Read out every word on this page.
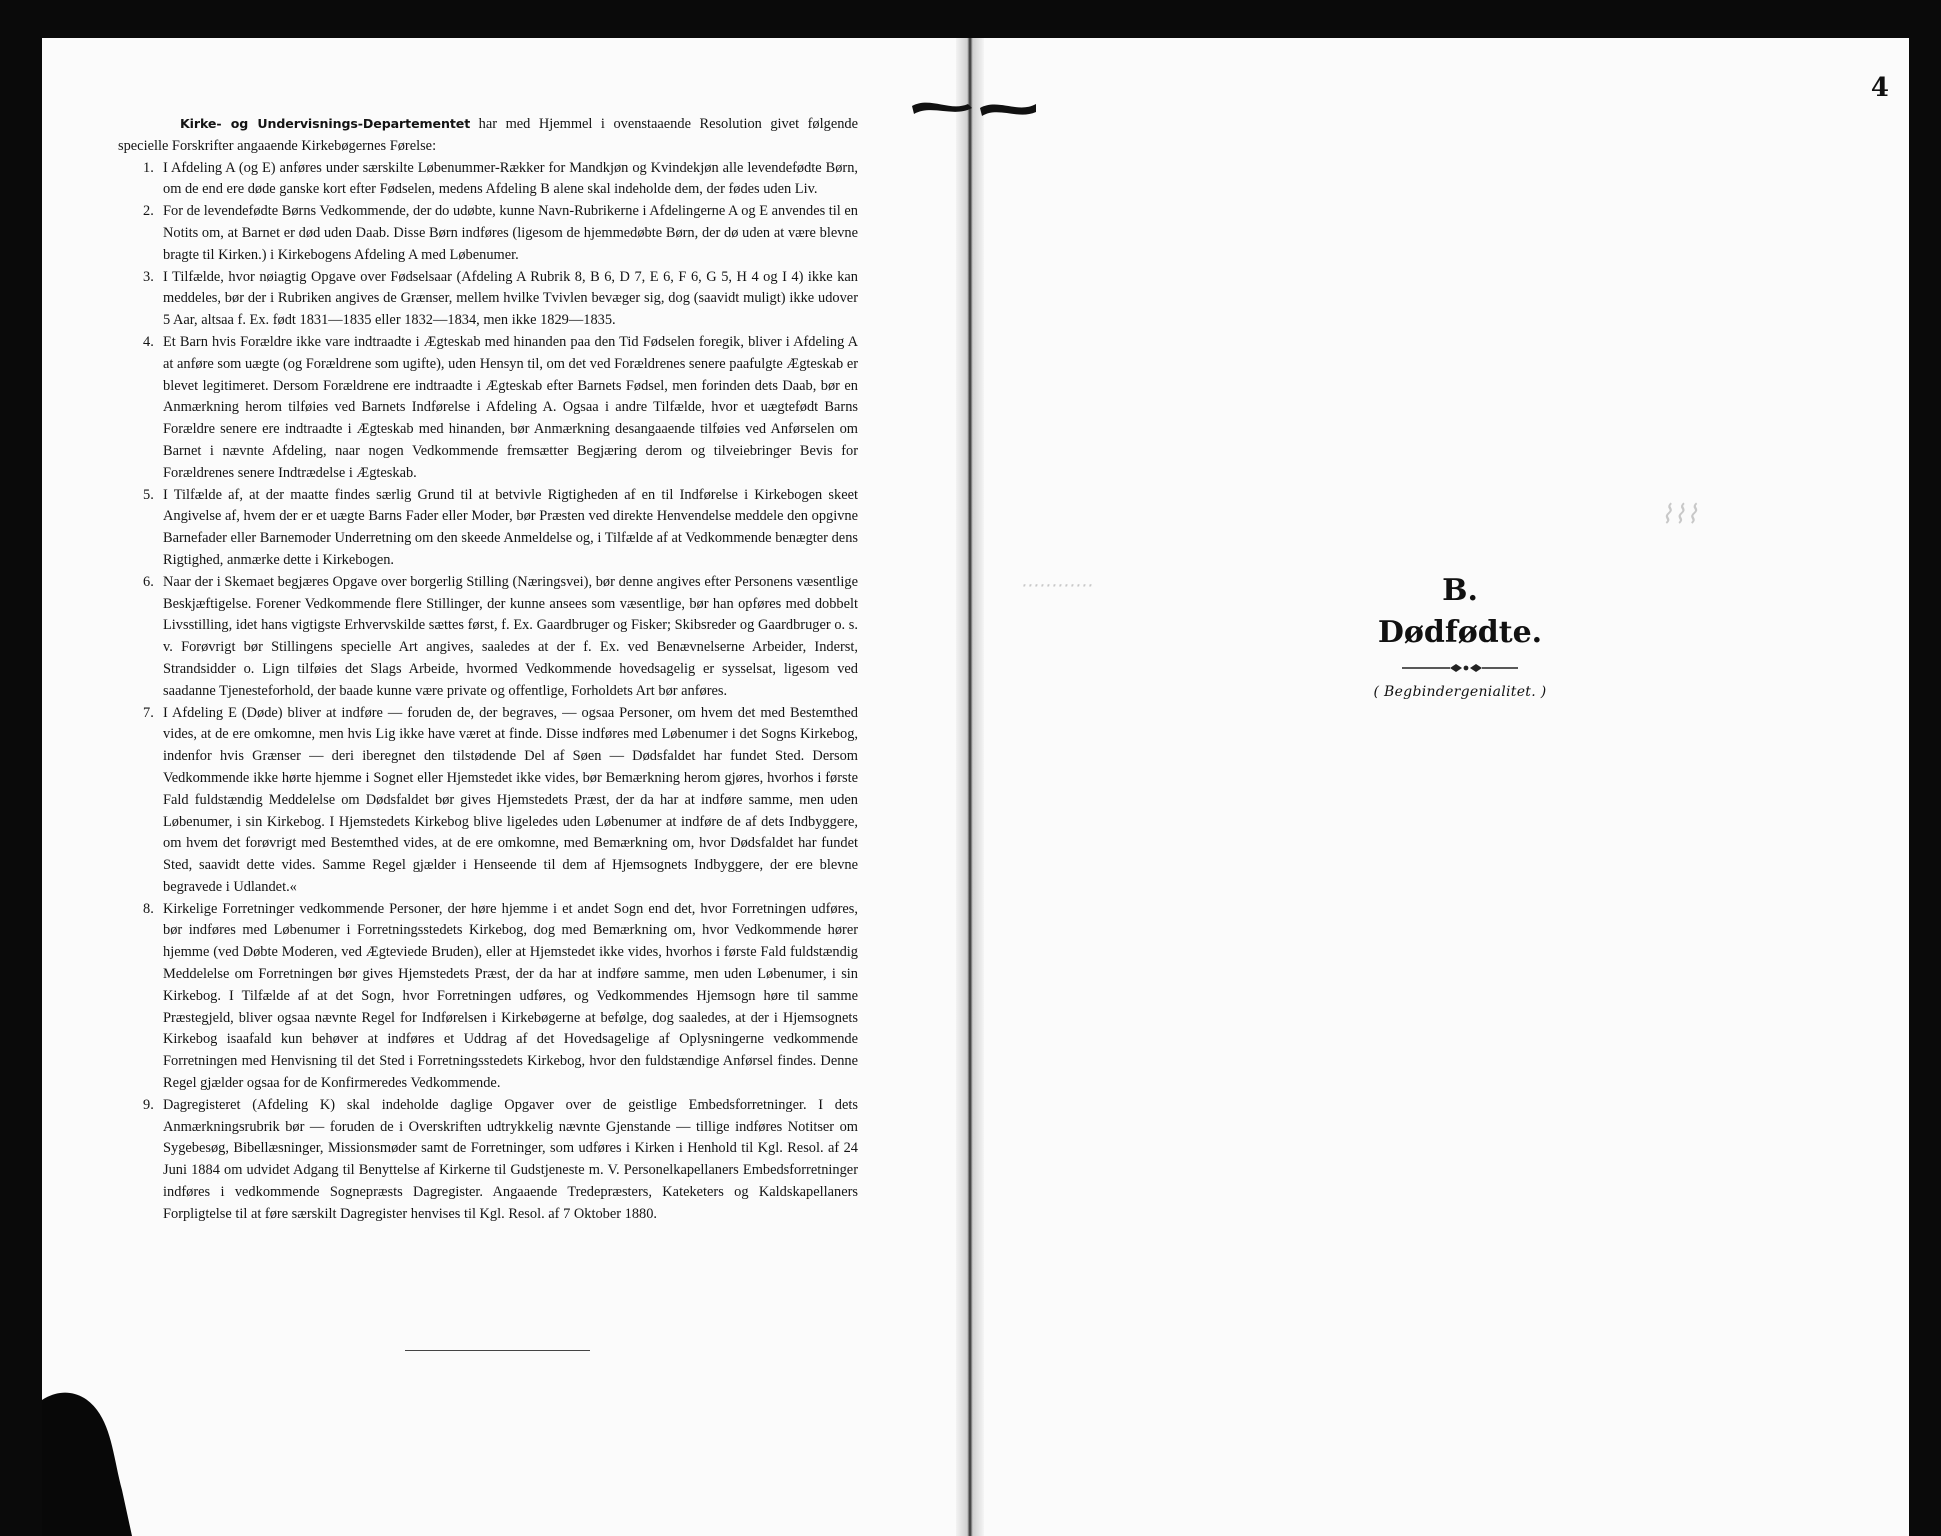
4

Kirke- og Undervisnings-Departementet har med Hjemmel i ovenstaaende Resolution givet følgende specielle Forskrifter angaaende Kirkebøgernes Førelse:

1. I Afdeling A (og E) anføres under særskilte Løbenummer-Rækker for Mandkjøn og Kvindekjøn alle levendefødte Børn, om de end ere døde ganske kort efter Fødselen, medens Afdeling B alene skal indeholde dem, der fødes uden Liv.
2. For de levendefødte Børns Vedkommende, der do udøbte, kunne Navn-Rubrikerne i Afdelingerne A og E anvendes til en Notits om, at Barnet er død uden Daab. Disse Børn indføres (ligesom de hjemmedøbte Børn, der dø uden at være blevne bragte til Kirken.) i Kirkebogens Afdeling A med Løbenumer.
3. I Tilfælde, hvor nøiagtig Opgave over Fødselsaar (Afdeling A Rubrik 8, B 6, D 7, E 6, F 6, G 5, H 4 og I 4) ikke kan meddeles, bør der i Rubriken angives de Grænser, mellem hvilke Tvivlen bevæger sig, dog (saavidt muligt) ikke udover 5 Aar, altsaa f. Ex. født 1831—1835 eller 1832—1834, men ikke 1829—1835.
4. Et Barn hvis Forældre ikke vare indtraadte i Ægteskab med hinanden paa den Tid Fødselen foregik, bliver i Afdeling A at anføre som uægte (og Forældrene som ugifte), uden Hensyn til, om det ved Forældrenes senere paafulgte Ægteskab er blevet legitimeret. Dersom Forældrene ere indtraadte i Ægteskab efter Barnets Fødsel, men forinden dets Daab, bør en Anmærkning herom tilføies ved Barnets Indførelse i Afdeling A. Ogsaa i andre Tilfælde, hvor et uægtefødt Barns Forældre senere ere indtraadte i Ægteskab med hinanden, bør Anmærkning desangaaende tilføies ved Anførselen om Barnet i nævnte Afdeling, naar nogen Vedkommende fremsætter Begjæring derom og tilveiebringer Bevis for Forældrenes senere Indtrædelse i Ægteskab.
5. I Tilfælde af, at der maatte findes særlig Grund til at betvivle Rigtigheden af en til Indførelse i Kirkebogen skeet Angivelse af, hvem der er et uægte Barns Fader eller Moder, bør Præsten ved direkte Henvendelse meddele den opgivne Barnefader eller Barnemoder Underretning om den skeede Anmeldelse og, i Tilfælde af at Vedkommende benægter dens Rigtighed, anmærke dette i Kirkebogen.
6. Naar der i Skemaet begjæres Opgave over borgerlig Stilling (Næringsvei), bør denne angives efter Personens væsentlige Beskjæftigelse. Forener Vedkommende flere Stillinger, der kunne ansees som væsentlige, bør han opføres med dobbelt Livsstilling, idet hans vigtigste Erhvervskilde sættes først, f. Ex. Gaardbruger og Fisker; Skibsreder og Gaardbruger o. s. v. Forøvrigt bør Stillingens specielle Art angives, saaledes at der f. Ex. ved Benævnelserne Arbeider, Inderst, Strandsidder o. Lign tilføies det Slags Arbeide, hvormed Vedkommende hovedsagelig er sysselsat, ligesom ved saadanne Tjenesteforhold, der baade kunne være private og offentlige, Forholdets Art bør anføres.
7. I Afdeling E (Døde) bliver at indføre — foruden de, der begraves, — ogsaa Personer, om hvem det med Bestemthed vides, at de ere omkomne, men hvis Lig ikke have været at finde. Disse indføres med Løbenumer i det Sogns Kirkebog, indenfor hvis Grænser — deri iberegnet den tilstødende Del af Søen — Dødsfaldet har fundet Sted. Dersom Vedkommende ikke hørte hjemme i Sognet eller Hjemstedet ikke vides, bør Bemærkning herom gjøres, hvorhos i første Fald fuldstændig Meddelelse om Dødsfaldet bør gives Hjemstedets Præst, der da har at indføre samme, men uden Løbenumer, i sin Kirkebog. I Hjemstedets Kirkebog blive ligeledes uden Løbenumer at indføre de af dets Indbyggere, om hvem det forøvrigt med Bestemthed vides, at de ere omkomne, med Bemærkning om, hvor Dødsfaldet har fundet Sted, saavidt dette vides. Samme Regel gjælder i Henseende til dem af Hjemsognets Indbyggere, der ere blevne begravede i Udlandet.«
8. Kirkelige Forretninger vedkommende Personer, der høre hjemme i et andet Sogn end det, hvor Forretningen udføres, bør indføres med Løbenumer i Forretningsstedets Kirkebog, dog med Bemærkning om, hvor Vedkommende hører hjemme (ved Døbte Moderen, ved Ægteviede Bruden), eller at Hjemstedet ikke vides, hvorhos i første Fald fuldstændig Meddelelse om Forretningen bør gives Hjemstedets Præst, der da har at indføre samme, men uden Løbenumer, i sin Kirkebog. I Tilfælde af at det Sogn, hvor Forretningen udføres, og Vedkommendes Hjemsogn høre til samme Præstegjeld, bliver ogsaa nævnte Regel for Indførelsen i Kirkebøgerne at befølge, dog saaledes, at der i Hjemsognets Kirkebog isaafald kun behøver at indføres et Uddrag af det Hovedsagelige af Oplysningerne vedkommende Forretningen med Henvisning til det Sted i Forretningsstedets Kirkebog, hvor den fuldstændige Anførsel findes. Denne Regel gjælder ogsaa for de Konfirmeredes Vedkommende.
9. Dagregisteret (Afdeling K) skal indeholde daglige Opgaver over de geistlige Embedsforretninger. I dets Anmærkningsrubrik bør — foruden de i Overskriften udtrykkelig nævnte Gjenstande — tillige indføres Notitser om Sygebesøg, Bibellæsninger, Missionsmøder samt de Forretninger, som udføres i Kirken i Henhold til Kgl. Resol. af 24 Juni 1884 om udvidet Adgang til Benyttelse af Kirkerne til Gudstjeneste m. V. Personelkapellaners Embedsforretninger indføres i vedkommende Sognepræsts Dagregister. Angaaende Tredepræsters, Kateketers og Kaldskapellaners Forpligtelse til at føre særskilt Dagregister henvises til Kgl. Resol. af 7 Oktober 1880.
⌇⌇⌇
⋯⋯⋯⋯	B.
Dødfødte.
( Begbindergenialitet. )
